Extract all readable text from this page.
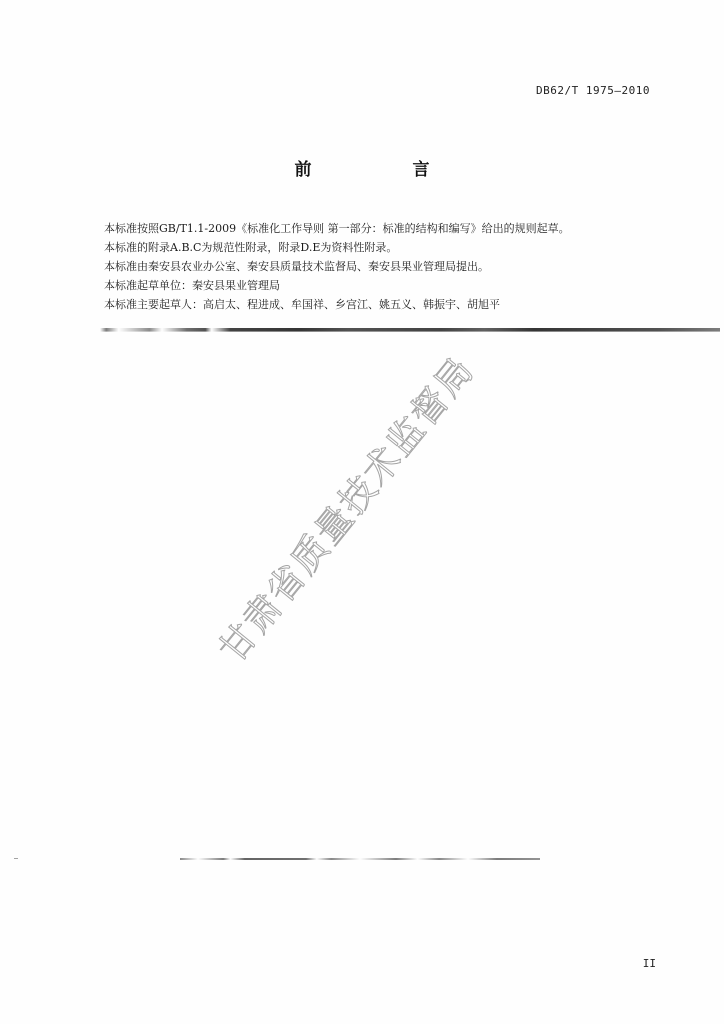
DB62/T 1975—2010
前　言
本标准按照GB/T1.1-2009《标准化工作导则 第一部分：标准的结构和编写》给出的规则起草。
本标准的附录A.B.C为规范性附录，附录D.E为资料性附录。
本标准由秦安县农业办公室、秦安县质量技术监督局、秦安县果业管理局提出。
本标准起草单位：秦安县果业管理局
本标准主要起草人：高启太、程进成、牟国祥、乡宫江、姚五义、韩振宇、胡旭平
甘肃省质量技术监督局
II
